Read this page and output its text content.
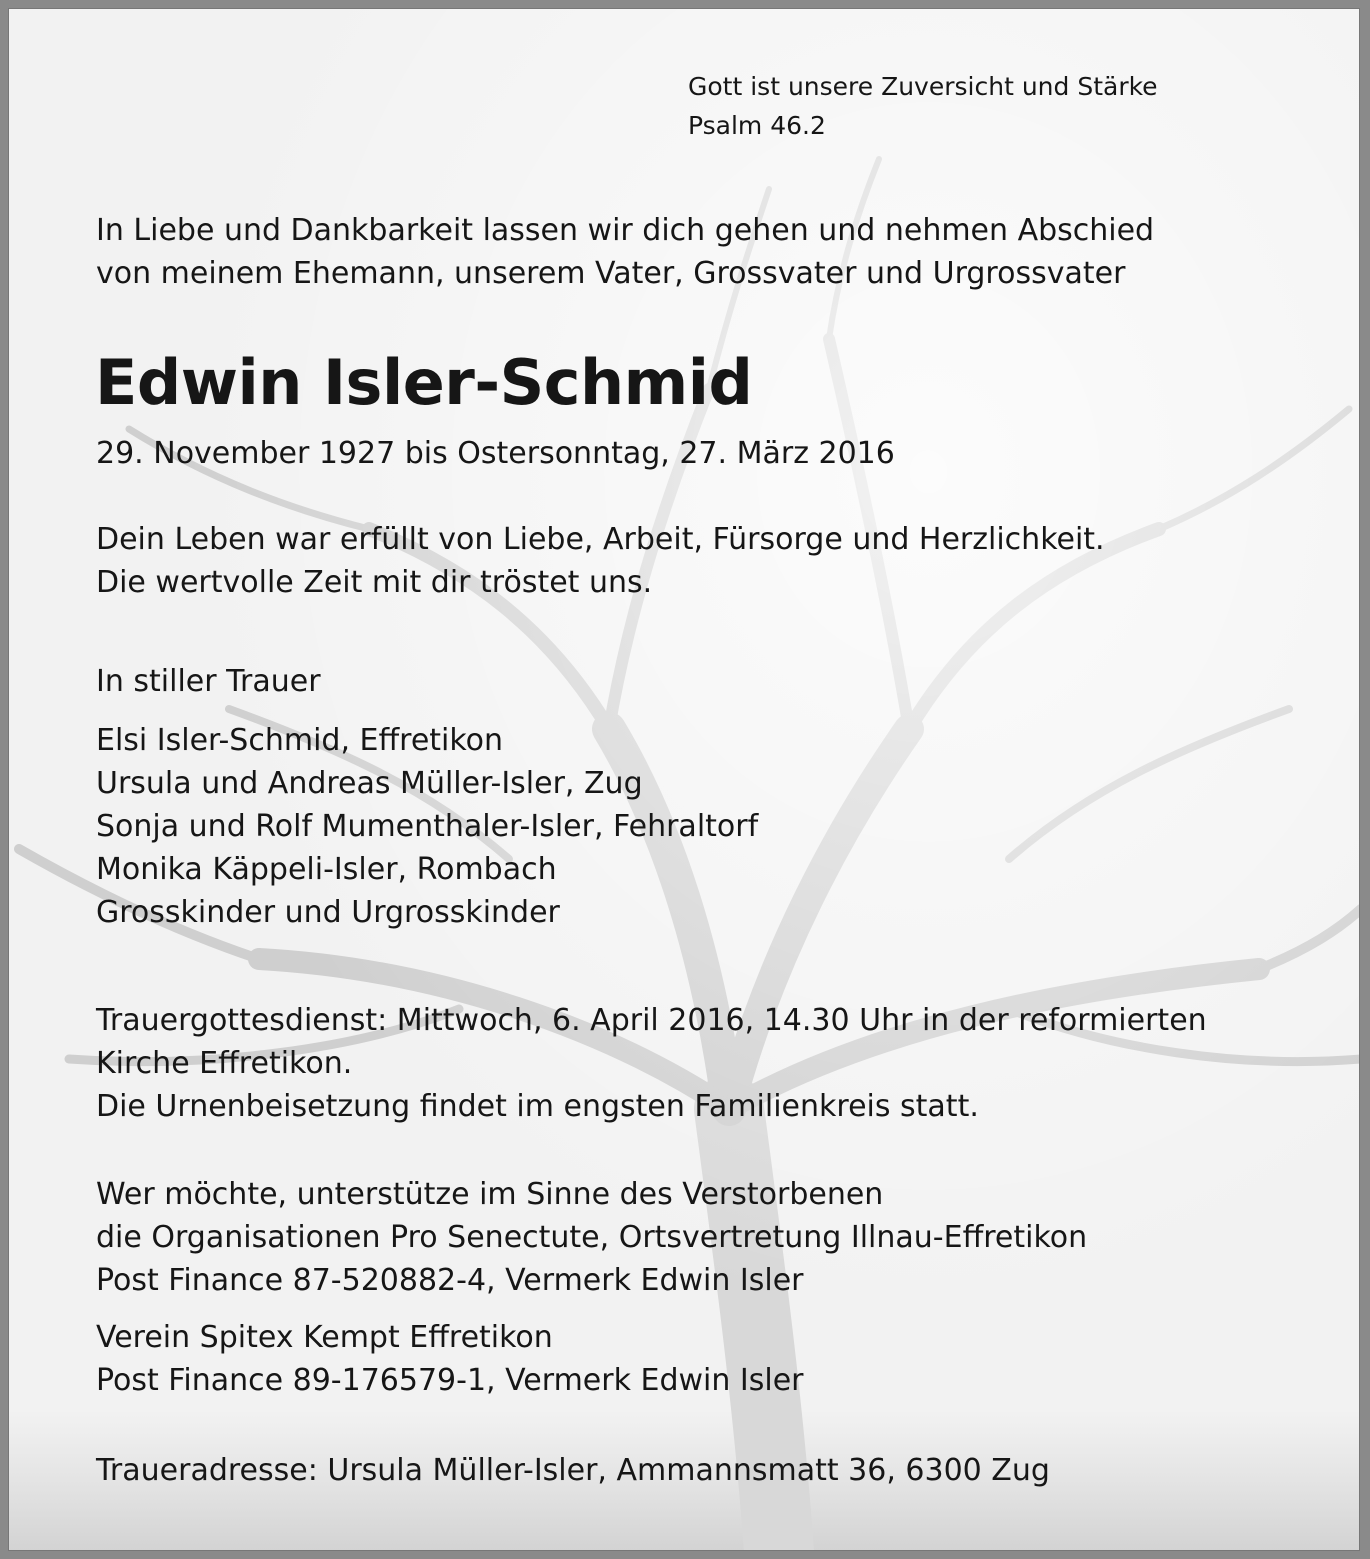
Gott ist unsere Zuversicht und Stärke
Psalm 46.2
In Liebe und Dankbarkeit lassen wir dich gehen und nehmen Abschied
von meinem Ehemann, unserem Vater, Grossvater und Urgrossvater
Edwin Isler-Schmid
29. November 1927 bis Ostersonntag, 27. März 2016
Dein Leben war erfüllt von Liebe, Arbeit, Fürsorge und Herzlichkeit.
Die wertvolle Zeit mit dir tröstet uns.
In stiller Trauer
Elsi Isler-Schmid, Effretikon
Ursula und Andreas Müller-Isler, Zug
Sonja und Rolf Mumenthaler-Isler, Fehraltorf
Monika Käppeli-Isler, Rombach
Grosskinder und Urgrosskinder
Trauergottesdienst: Mittwoch, 6. April 2016, 14.30 Uhr in der reformierten
Kirche Effretikon.
Die Urnenbeisetzung findet im engsten Familienkreis statt.
Wer möchte, unterstütze im Sinne des Verstorbenen
die Organisationen Pro Senectute, Ortsvertretung Illnau-Effretikon
Post Finance 87-520882-4, Vermerk Edwin Isler
Verein Spitex Kempt Effretikon
Post Finance 89-176579-1, Vermerk Edwin Isler
Traueradresse: Ursula Müller-Isler, Ammannsmatt 36, 6300 Zug
